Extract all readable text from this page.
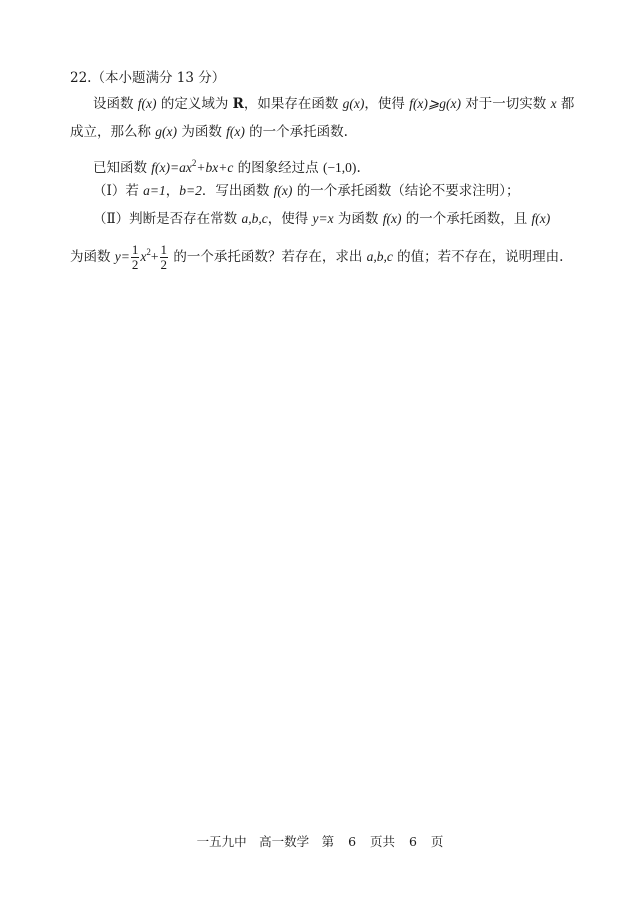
22.（本小题满分 13 分）
设函数 f(x) 的定义域为 R，如果存在函数 g(x)，使得 f(x)⩾g(x) 对于一切实数 x 都
成立，那么称 g(x) 为函数 f(x) 的一个承托函数.
已知函数 $f(x)=ax^2+bx+c$ 的图象经过点 (−1,0).
（Ⅰ）若 a=1，b=2．写出函数 f(x) 的一个承托函数（结论不要求注明）；
（Ⅱ）判断是否存在常数 a,b,c，使得 y=x 为函数 f(x) 的一个承托函数，且 f(x)
为函数 $y= \frac{1}{2} x^2+ \frac{1}{2}$ 的一个承托函数？若存在，求出 a,b,c 的值；若不存在，说明理由.
一五九中　高一数学　第 6 页共 6 页
